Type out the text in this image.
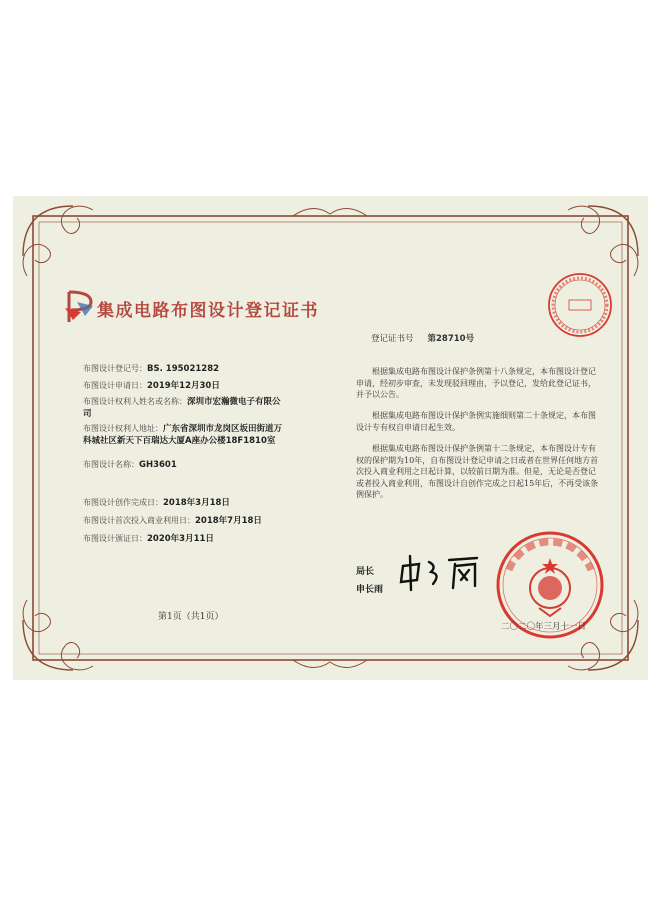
集成电路布图设计登记证书
布图设计登记号：BS. 195021282
布图设计申请日：2019年12月30日
布图设计权利人姓名或名称：深圳市宏瀚微电子有限公司
布图设计权利人地址：广东省深圳市龙岗区坂田街道万科城社区新天下百瑞达大厦A座办公楼18F1810室
布图设计名称：GH3601
布图设计创作完成日：2018年3月18日
布图设计首次投入商业利用日：2018年7月18日
布图设计颁证日：2020年3月11日
第1页（共1页）
登记证书号 第28710号
根据集成电路布图设计保护条例第十八条规定，本布图设计登记申请，经初步审查，未发现驳回理由，予以登记，发给此登记证书，并予以公告。
根据集成电路布图设计保护条例实施细则第二十条规定，本布图设计专有权自申请日起生效。
根据集成电路布图设计保护条例第十二条规定，本布图设计专有权的保护期为10年，自布图设计登记申请之日或者在世界任何地方首次投入商业利用之日起计算，以较前日期为准。但是，无论是否登记或者投入商业利用，布图设计自创作完成之日起15年后，不再受该条例保护。
局长
申长雨
二〇二〇年三月十一日
